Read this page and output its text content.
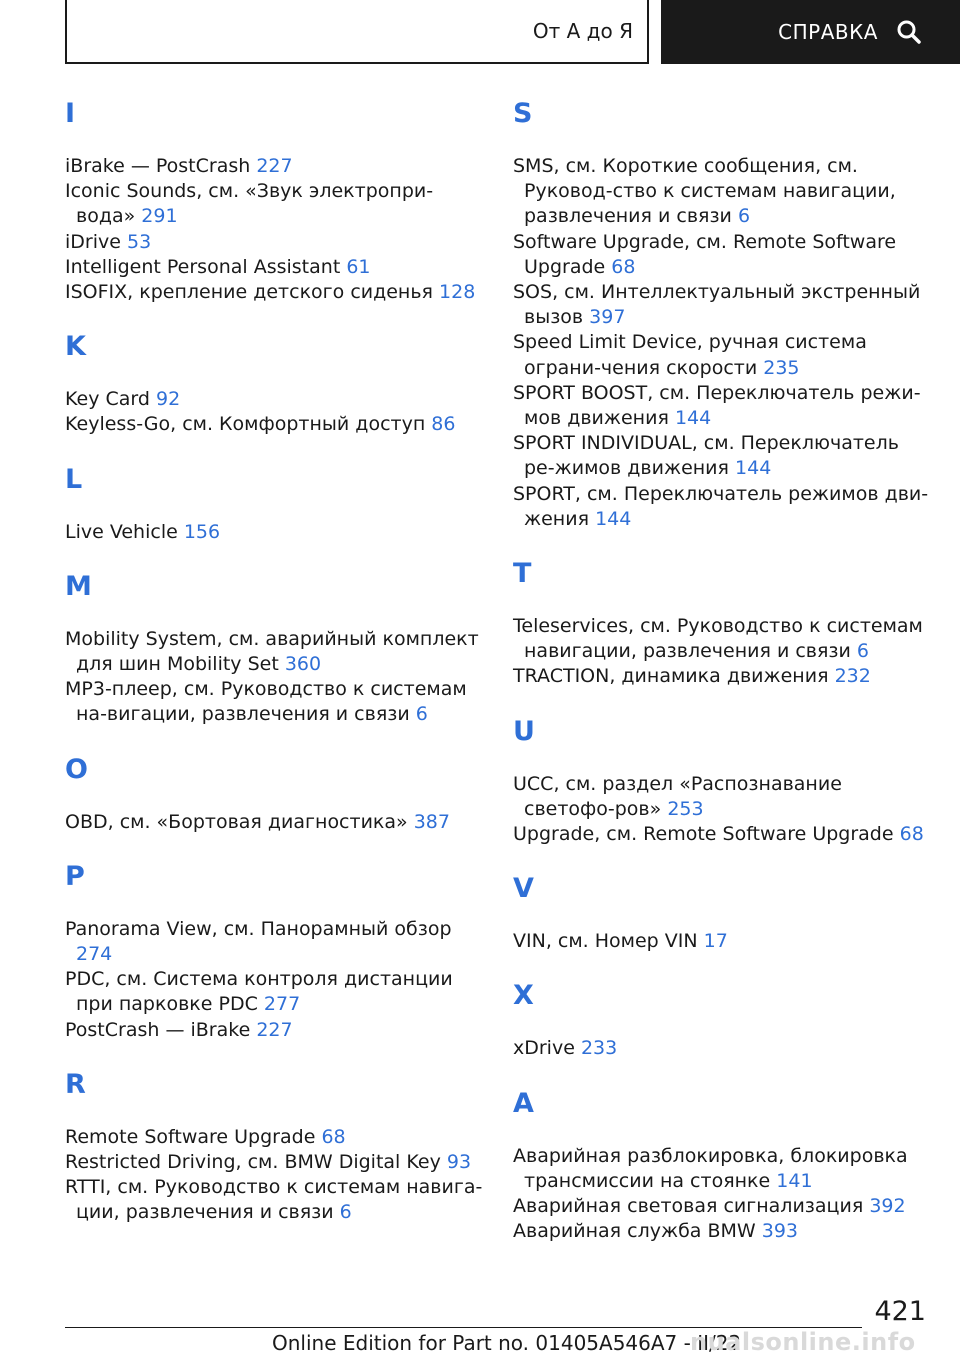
От А до Я	СПРАВКА
I
iBrake — PostCrash 227
Iconic Sounds, см. «Звук электропри-вода» 291
iDrive 53
Intelligent Personal Assistant 61
ISOFIX, крепление детского сиденья 128
K
Key Card 92
Keyless-Go, см. Комфортный доступ 86
L
Live Vehicle 156
M
Mobility System, см. аварийный комплект для шин Mobility Set 360
MP3-плеер, см. Руководство к системам на-вигации, развлечения и связи 6
O
OBD, см. «Бортовая диагностика» 387
P
Panorama View, см. Панорамный обзор 274
PDC, см. Система контроля дистанции при парковке PDC 277
PostCrash — iBrake 227
R
Remote Software Upgrade 68
Restricted Driving, см. BMW Digital Key 93
RTTI, см. Руководство к системам навига-ции, развлечения и связи 6
S
SMS, см. Короткие сообщения, см. Руковод-ство к системам навигации, развлечения и связи 6
Software Upgrade, см. Remote Software Upgrade 68
SOS, см. Интеллектуальный экстренный вызов 397
Speed Limit Device, ручная система ограни-чения скорости 235
SPORT BOOST, см. Переключатель режи-мов движения 144
SPORT INDIVIDUAL, см. Переключатель ре-жимов движения 144
SPORT, см. Переключатель режимов дви-жения 144
T
Teleservices, см. Руководство к системам навигации, развлечения и связи 6
TRACTION, динамика движения 232
U
UCC, см. раздел «Распознавание светофо-ров» 253
Upgrade, см. Remote Software Upgrade 68
V
VIN, см. Номер VIN 17
X
xDrive 233
А
Аварийная разблокировка, блокировка трансмиссии на стоянке 141
Аварийная световая сигнализация 392
Аварийная служба BMW 393
421
Online Edition for Part no. 01405A546A7 - II/22
nualsonline.info
